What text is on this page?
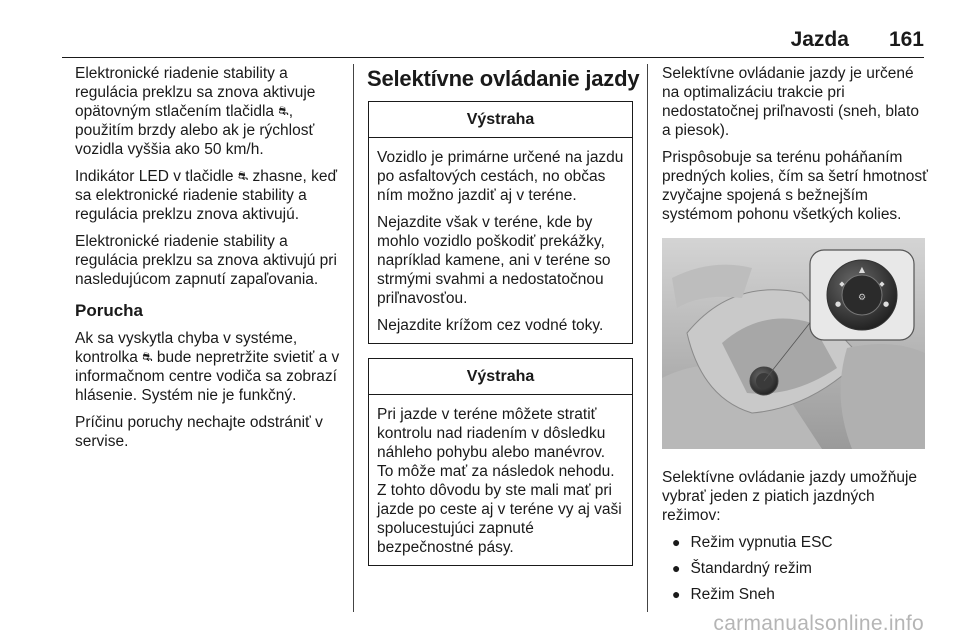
Jazda 161

Elektronické riadenie stability a regulácia preklzu sa znova aktivuje opätovným stlačením tlačidla ⛐, použitím brzdy alebo ak je rýchlosť vozidla vyššia ako 50 km/h.

Indikátor LED v tlačidle ⛐ zhasne, keď sa elektronické riadenie stability a regulácia preklzu znova aktivujú.

Elektronické riadenie stability a regulácia preklzu sa znova aktivujú pri nasledujúcom zapnutí zapaľovania.

Porucha

Ak sa vyskytla chyba v systéme, kontrolka ⛐ bude nepretržite svietiť a v informačnom centre vodiča sa zobrazí hlásenie. Systém nie je funkčný.

Príčinu poruchy nechajte odstrániť v servise.

Selektívne ovládanie jazdy
Výstraha

Vozidlo je primárne určené na jazdu po asfaltových cestách, no občas ním možno jazdiť aj v teréne.

Nejazdite však v teréne, kde by mohlo vozidlo poškodiť prekážky, napríklad kamene, ani v teréne so strmými svahmi a nedostatočnou priľnavosťou.

Nejazdite krížom cez vodné toky.

Výstraha

Pri jazde v teréne môžete stratiť kontrolu nad riadením v dôsledku náhleho pohybu alebo manévrov. To môže mať za následok nehodu. Z tohto dôvodu by ste mali mať pri jazde po ceste aj v teréne vy aj vaši spolucestujúci zapnuté bezpečnostné pásy.

Selektívne ovládanie jazdy je určené na optimalizáciu trakcie pri nedostatočnej priľnavosti (sneh, blato a piesok).

Prispôsobuje sa terénu poháňaním predných kolies, čím sa šetrí hmotnosť zvyčajne spojená s bežnejším systémom pohonu všetkých kolies.

▲
◆	◆
●	●
⚙

Selektívne ovládanie jazdy umožňuje vybrať jeden z piatich jazdných režimov:

● Režim vypnutia ESC
● Štandardný režim
● Režim Sneh
carmanualsonline.info
